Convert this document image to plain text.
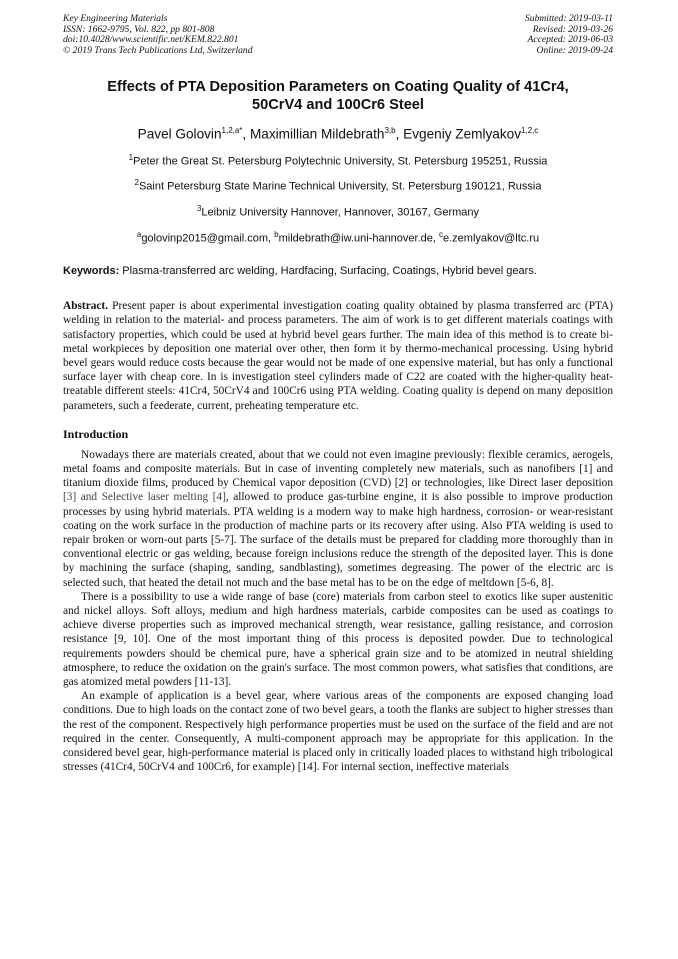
Key Engineering Materials
ISSN: 1662-9795, Vol. 822, pp 801-808
doi:10.4028/www.scientific.net/KEM.822.801
© 2019 Trans Tech Publications Ltd, Switzerland
Submitted: 2019-03-11
Revised: 2019-03-26
Accepted: 2019-06-03
Online: 2019-09-24
Effects of PTA Deposition Parameters on Coating Quality of 41Cr4,
50CrV4 and 100Cr6 Steel
Pavel Golovin$^{1,2,a*}$, Maximillian Mildebrath$^{3,b}$, Evgeniy Zemlyakov$^{1,2,c}$
$^1$Peter the Great St. Petersburg Polytechnic University, St. Petersburg 195251, Russia
$^2$Saint Petersburg State Marine Technical University, St. Petersburg 190121, Russia
$^3$Leibniz University Hannover, Hannover, 30167, Germany
$^a$golovinp2015@gmail.com, $^b$mildebrath@iw.uni-hannover.de, $^c$e.zemlyakov@ltc.ru
Keywords: Plasma-transferred arc welding, Hardfacing, Surfacing, Coatings, Hybrid bevel gears.
Abstract. Present paper is about experimental investigation coating quality obtained by plasma transferred arc (PTA) welding in relation to the material- and process parameters. The aim of work is to get different materials coatings with satisfactory properties, which could be used at hybrid bevel gears further. The main idea of this method is to create bi-metal workpieces by deposition one material over other, then form it by thermo-mechanical processing. Using hybrid bevel gears would reduce costs because the gear would not be made of one expensive material, but has only a functional surface layer with cheap core. In is investigation steel cylinders made of C22 are coated with the higher-quality heat-treatable different steels: 41Cr4, 50CrV4 and 100Cr6 using PTA welding. Coating quality is depend on many deposition parameters, such a feederate, current, preheating temperature etc.
Introduction

Nowadays there are materials created, about that we could not even imagine previously: flexible ceramics, aerogels, metal foams and composite materials. But in case of inventing completely new materials, such as nanofibers [1] and titanium dioxide films, produced by Chemical vapor deposition (CVD) [2] or technologies, like Direct laser deposition [3] and Selective laser melting [4], allowed to produce gas-turbine engine, it is also possible to improve production processes by using hybrid materials. PTA welding is a modern way to make high hardness, corrosion- or wear-resistant coating on the work surface in the production of machine parts or its recovery after using. Also PTA welding is used to repair broken or worn-out parts [5-7]. The surface of the details must be prepared for cladding more thoroughly than in conventional electric or gas welding, because foreign inclusions reduce the strength of the deposited layer. This is done by machining the surface (shaping, sanding, sandblasting), sometimes degreasing. The power of the electric arc is selected such, that heated the detail not much and the base metal has to be on the edge of meltdown [5-6, 8].

There is a possibility to use a wide range of base (core) materials from carbon steel to exotics like super austenitic and nickel alloys. Soft alloys, medium and high hardness materials, carbide composites can be used as coatings to achieve diverse properties such as improved mechanical strength, wear resistance, galling resistance, and corrosion resistance [9, 10]. One of the most important thing of this process is deposited powder. Due to technological requirements powders should be chemical pure, have a spherical grain size and to be atomized in neutral shielding atmosphere, to reduce the oxidation on the grain's surface. The most common powers, what satisfies that conditions, are gas atomized metal powders [11-13].

An example of application is a bevel gear, where various areas of the components are exposed changing load conditions. Due to high loads on the contact zone of two bevel gears, a tooth the flanks are subject to higher stresses than the rest of the component. Respectively high performance properties must be used on the surface of the field and are not required in the center. Consequently, A multi-component approach may be appropriate for this application. In the considered bevel gear, high-performance material is placed only in critically loaded places to withstand high tribological stresses (41Cr4, 50CrV4 and 100Cr6, for example) [14]. For internal section, ineffective materials
